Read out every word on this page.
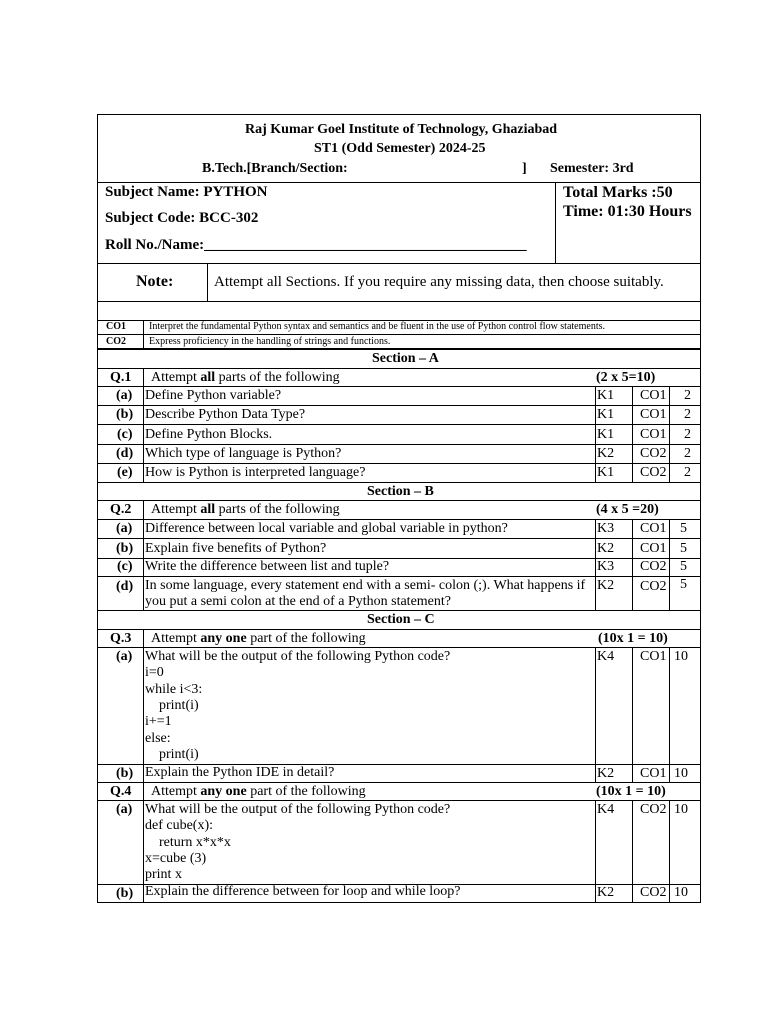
Raj Kumar Goel Institute of Technology, Ghaziabad
ST1 (Odd Semester) 2024-25
B.Tech.[Branch/Section:	] Semester: 3rd
Subject Name: PYTHON
Subject Code: BCC-302
Roll No./Name:___________________________________________
Total Marks :50
Time: 01:30 Hours
Note:	Attempt all Sections. If you require any missing data, then choose suitably.
CO1 Interpret the fundamental Python syntax and semantics and be fluent in the use of Python control flow statements.
CO2 Express proficiency in the handling of strings and functions.
Section – A
Q.1 Attempt all parts of the following	(2 x 5=10)
(a) Define Python variable?	K1 CO1 2
(b) Describe Python Data Type?	K1 CO1 2
(c) Define Python Blocks.	K1 CO1 2
(d) Which type of language is Python?	K2 CO2 2
(e) How is Python is interpreted language?	K1 CO2 2
Section – B
Q.2 Attempt all parts of the following	(4 x 5 =20)
(a) Difference between local variable and global variable in python?	K3 CO1 5
(b) Explain five benefits of Python?	K2 CO1 5
(c) Write the difference between list and tuple?	K3 CO2 5
(d) In some language, every statement end with a semi- colon (;). What happens if
you put a semi colon at the end of a Python statement?
K2 CO2 5
Section – C
Q.3 Attempt any one part of the following	(10x 1 = 10)
(a) What will be the output of the following Python code?
i=0
while i<3:
print(i)
i+=1
else:
print(i)
K4 CO1 10
(b) Explain the Python IDE in detail?	K2 CO1 10
Q.4 Attempt any one part of the following	(10x 1 = 10)
(a) What will be the output of the following Python code?
def cube(x):
return x*x*x
x=cube (3)
print x
K4 CO2 10
(b) Explain the difference between for loop and while loop?	K2 CO2 10
